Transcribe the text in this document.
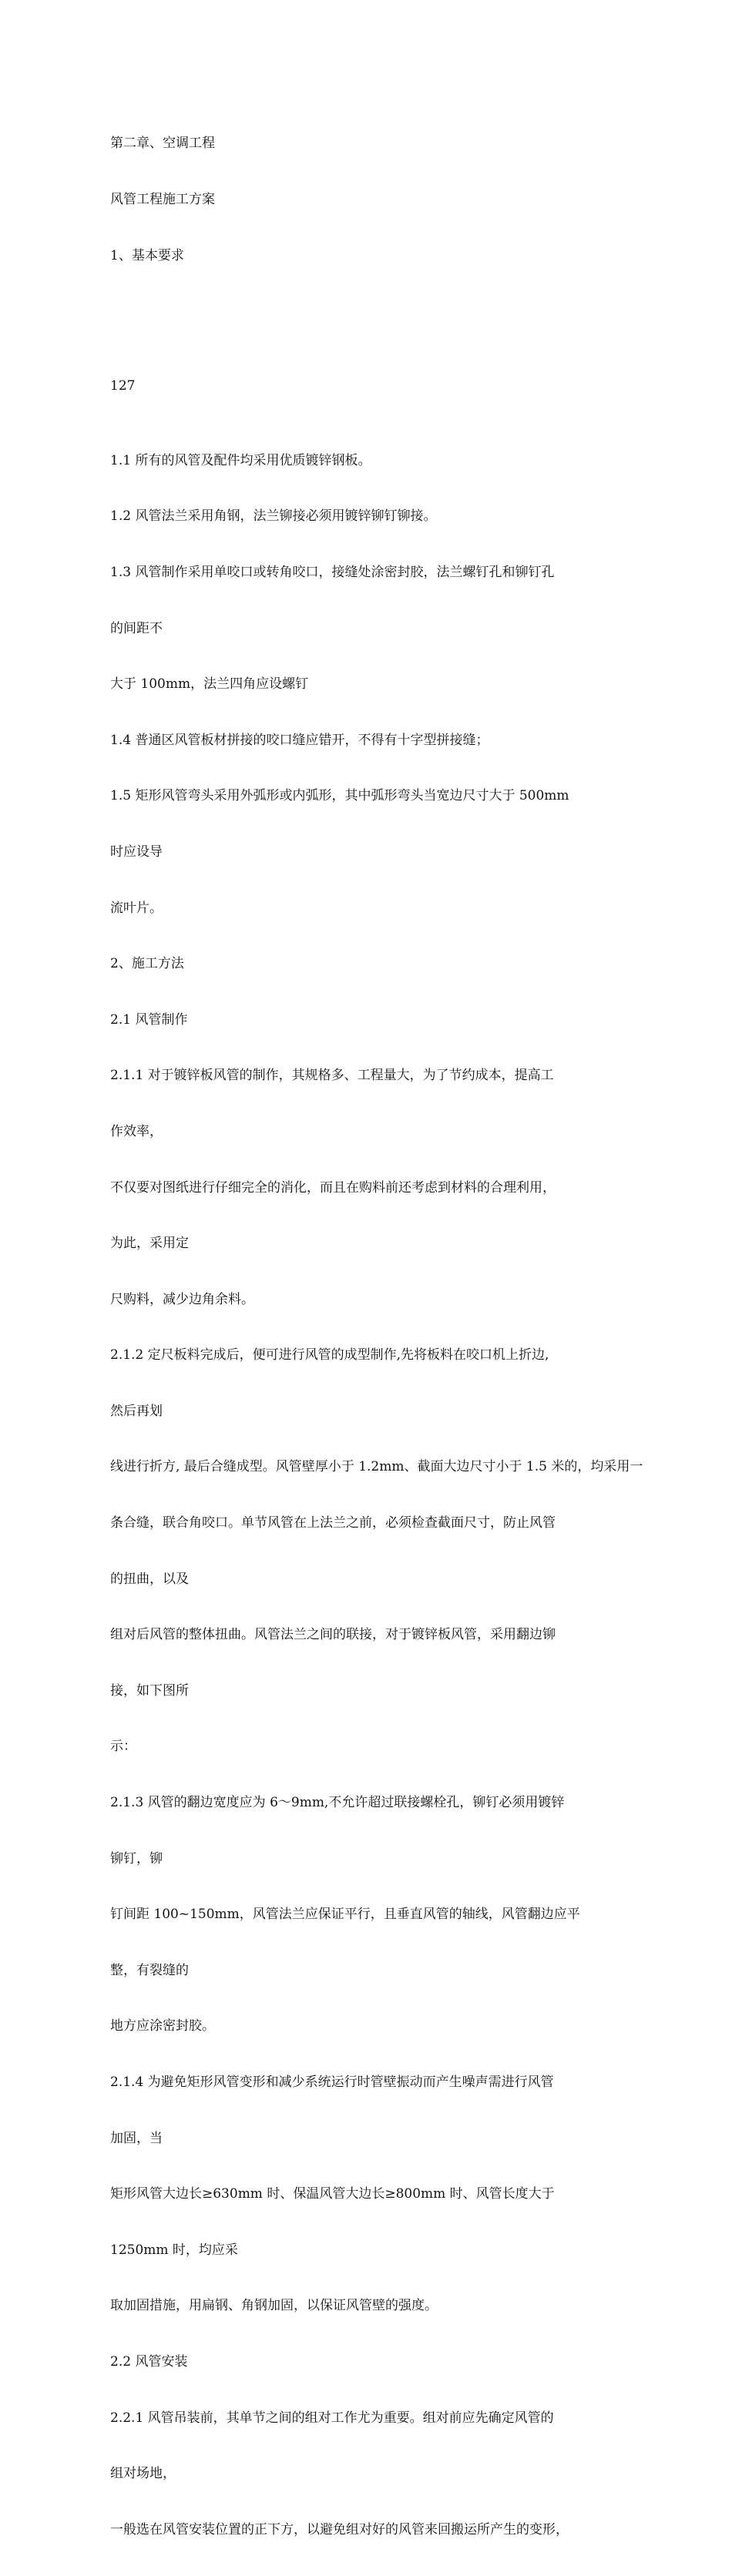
第二章、空调工程

风管工程施工方案

1、基本要求

127

1.1 所有的风管及配件均采用优质镀锌钢板。

1.2 风管法兰采用角钢，法兰铆接必须用镀锌铆钉铆接。

1.3 风管制作采用单咬口或转角咬口，接缝处涂密封胶，法兰螺钉孔和铆钉孔

的间距不

大于 100mm，法兰四角应设螺钉

1.4 普通区风管板材拼接的咬口缝应错开，不得有十字型拼接缝；

1.5 矩形风管弯头采用外弧形或内弧形，其中弧形弯头当宽边尺寸大于 500mm

时应设导

流叶片。

2、施工方法

2.1 风管制作

2.1.1 对于镀锌板风管的制作，其规格多、工程量大，为了节约成本，提高工

作效率，

不仅要对图纸进行仔细完全的消化，而且在购料前还考虑到材料的合理利用，

为此，采用定

尺购料，减少边角余料。

2.1.2 定尺板料完成后，便可进行风管的成型制作,先将板料在咬口机上折边,

然后再划

线进行折方, 最后合缝成型。风管壁厚小于 1.2mm、截面大边尺寸小于 1.5 米的，均采用一

条合缝，联合角咬口。单节风管在上法兰之前，必须检查截面尺寸，防止风管

的扭曲，以及

组对后风管的整体扭曲。风管法兰之间的联接，对于镀锌板风管，采用翻边铆

接，如下图所

示：

2.1.3 风管的翻边宽度应为 6～9mm,不允许超过联接螺栓孔，铆钉必须用镀锌

铆钉，铆

钉间距 100~150mm，风管法兰应保证平行，且垂直风管的轴线，风管翻边应平

整，有裂缝的

地方应涂密封胶。

2.1.4 为避免矩形风管变形和减少系统运行时管壁振动而产生噪声需进行风管

加固，当

矩形风管大边长≥630mm 时、保温风管大边长≥800mm 时、风管长度大于

1250mm 时，均应采

取加固措施，用扁钢、角钢加固，以保证风管壁的强度。

2.2 风管安装

2.2.1 风管吊装前，其单节之间的组对工作尤为重要。组对前应先确定风管的

组对场地，

一般选在风管安装位置的正下方，以避免组对好的风管来回搬运所产生的变形，
